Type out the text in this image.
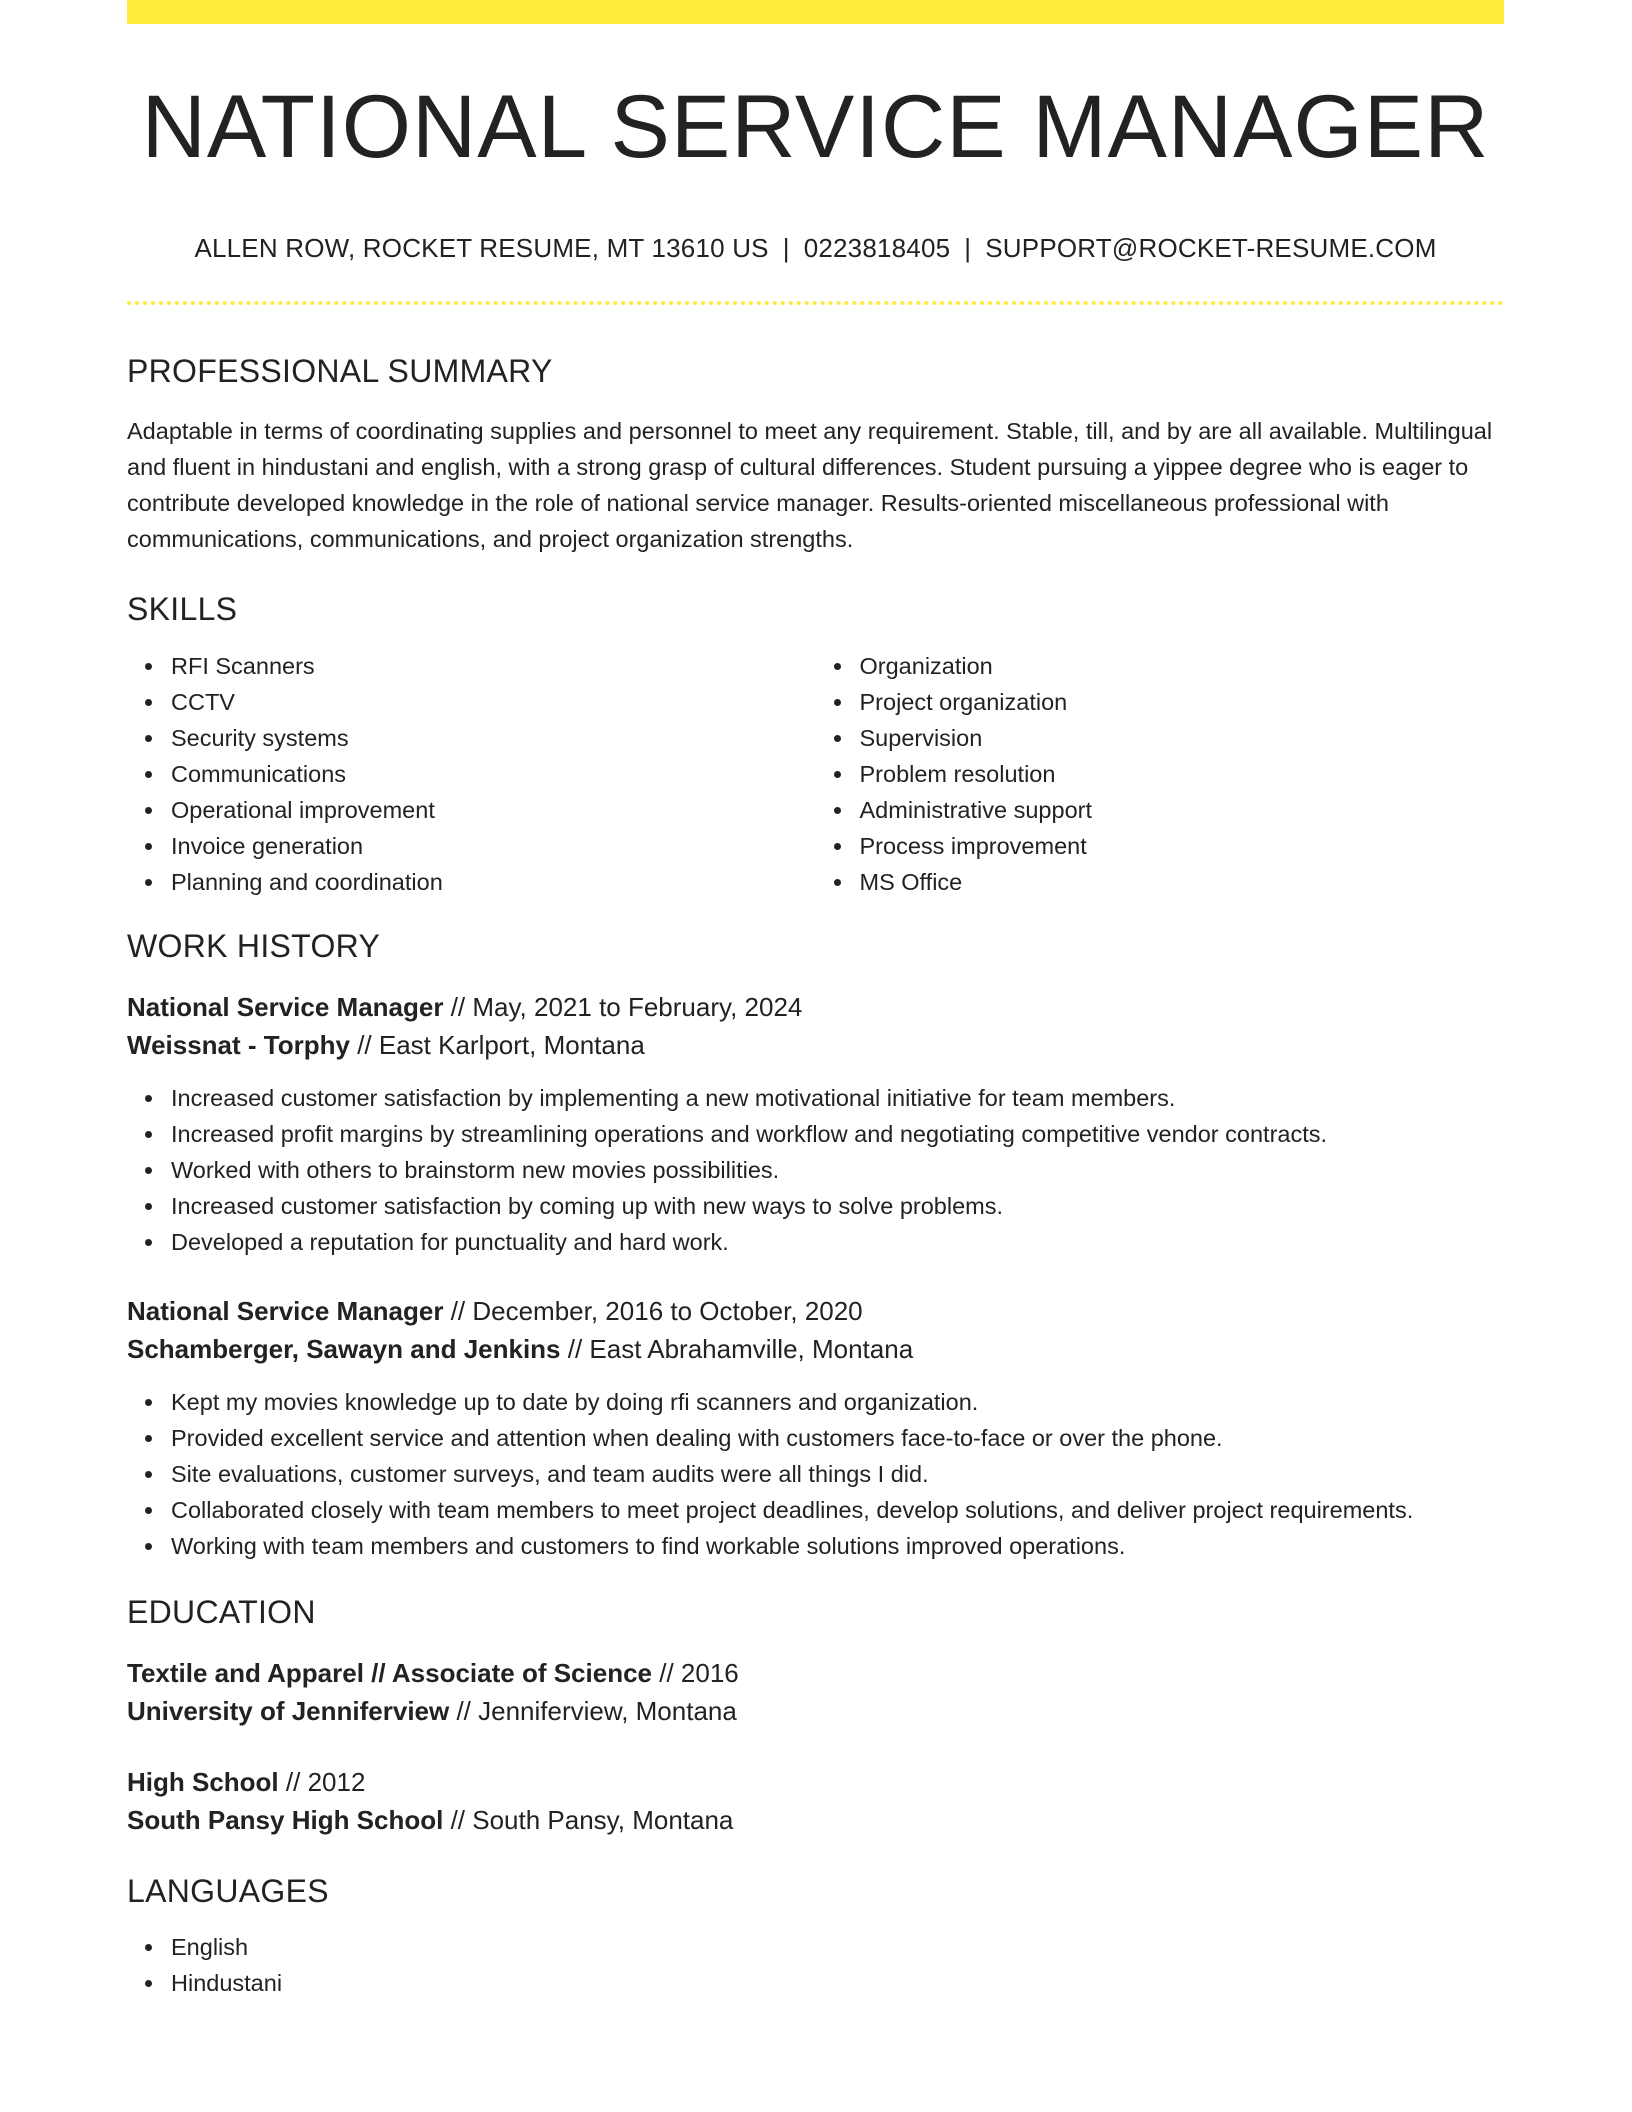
NATIONAL SERVICE MANAGER
ALLEN ROW, ROCKET RESUME, MT 13610 US | 0223818405 | SUPPORT@ROCKET-RESUME.COM
PROFESSIONAL SUMMARY

Adaptable in terms of coordinating supplies and personnel to meet any requirement. Stable, till, and by are all available. Multilingual and fluent in hindustani and english, with a strong grasp of cultural differences. Student pursuing a yippee degree who is eager to contribute developed knowledge in the role of national service manager. Results-oriented miscellaneous professional with communications, communications, and project organization strengths.

SKILLS
RFI Scanners
CCTV
Security systems
Communications
Operational improvement
Invoice generation
Planning and coordination
Organization
Project organization
Supervision
Problem resolution
Administrative support
Process improvement
MS Office
WORK HISTORY
National Service Manager // May, 2021 to February, 2024
Weissnat - Torphy // East Karlport, Montana
Increased customer satisfaction by implementing a new motivational initiative for team members.
Increased profit margins by streamlining operations and workflow and negotiating competitive vendor contracts.
Worked with others to brainstorm new movies possibilities.
Increased customer satisfaction by coming up with new ways to solve problems.
Developed a reputation for punctuality and hard work.
National Service Manager // December, 2016 to October, 2020
Schamberger, Sawayn and Jenkins // East Abrahamville, Montana
Kept my movies knowledge up to date by doing rfi scanners and organization.
Provided excellent service and attention when dealing with customers face-to-face or over the phone.
Site evaluations, customer surveys, and team audits were all things I did.
Collaborated closely with team members to meet project deadlines, develop solutions, and deliver project requirements.
Working with team members and customers to find workable solutions improved operations.
EDUCATION
Textile and Apparel // Associate of Science // 2016
University of Jenniferview // Jenniferview, Montana
High School // 2012
South Pansy High School // South Pansy, Montana
LANGUAGES
English
Hindustani
